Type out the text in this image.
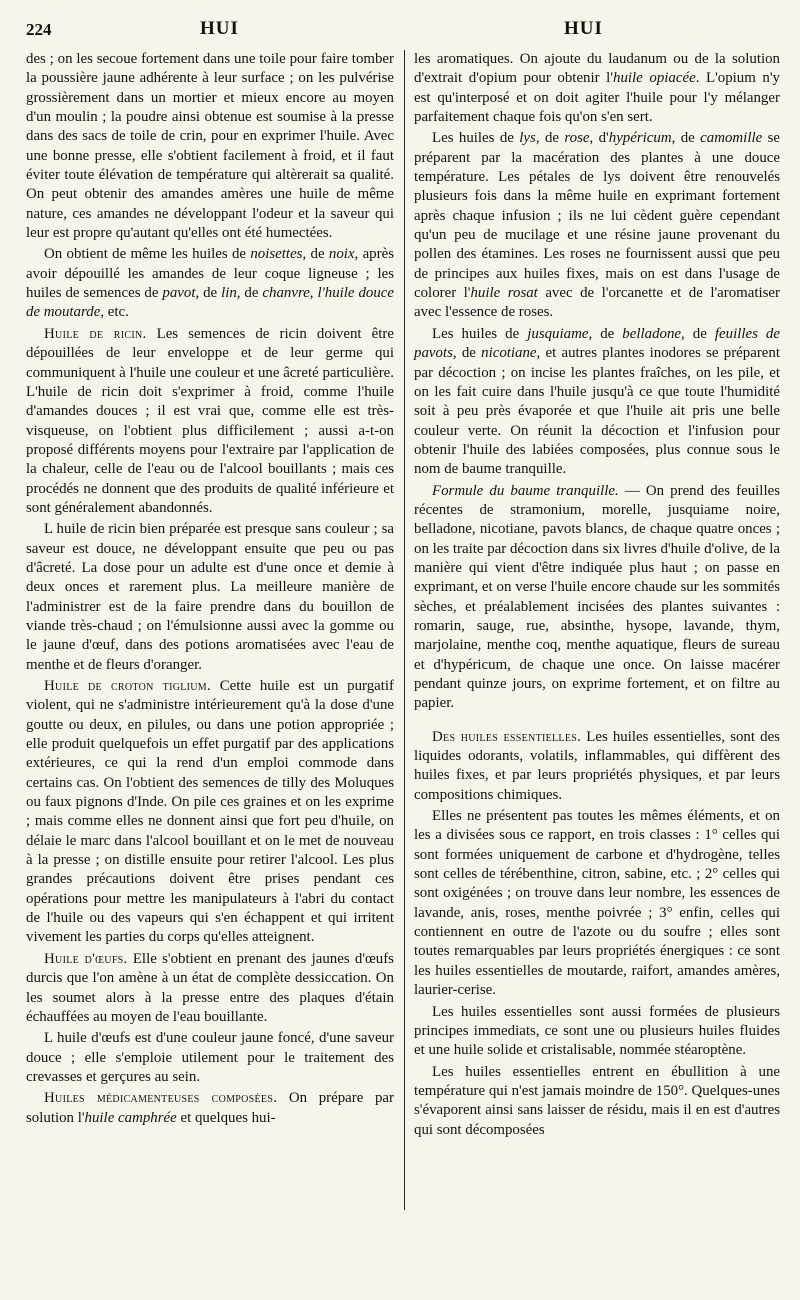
224	HUI	HUI

des ; on les secoue fortement dans une toile pour faire tomber la poussière jaune adhérente à leur surface ; on les pulvérise grossièrement dans un mortier et mieux encore au moyen d'un moulin ; la poudre ainsi obtenue est soumise à la presse dans des sacs de toile de crin, pour en exprimer l'huile. Avec une bonne presse, elle s'obtient facilement à froid, et il faut éviter toute élévation de température qui altèrerait sa qualité. On peut obtenir des amandes amères une huile de même nature, ces amandes ne développant l'odeur et la saveur qui leur est propre qu'autant qu'elles ont été humectées.

On obtient de même les huiles de noisettes, de noix, après avoir dépouillé les amandes de leur coque ligneuse ; les huiles de semences de pavot, de lin, de chanvre, l'huile douce de moutarde, etc.

Huile de ricin. Les semences de ricin doivent être dépouillées de leur enveloppe et de leur germe qui communiquent à l'huile une couleur et une âcreté particulière. L'huile de ricin doit s'exprimer à froid, comme l'huile d'amandes douces ; il est vrai que, comme elle est très-visqueuse, on l'obtient plus difficilement ; aussi a-t-on proposé différents moyens pour l'extraire par l'application de la chaleur, celle de l'eau ou de l'alcool bouillants ; mais ces procédés ne donnent que des produits de qualité inférieure et sont généralement abandonnés.

L huile de ricin bien préparée est presque sans couleur ; sa saveur est douce, ne développant ensuite que peu ou pas d'âcreté. La dose pour un adulte est d'une once et demie à deux onces et rarement plus. La meilleure manière de l'administrer est de la faire prendre dans du bouillon de viande très-chaud ; on l'émulsionne aussi avec la gomme ou le jaune d'œuf, dans des potions aromatisées avec l'eau de menthe et de fleurs d'oranger.

Huile de croton tiglium. Cette huile est un purgatif violent, qui ne s'administre intérieurement qu'à la dose d'une goutte ou deux, en pilules, ou dans une potion appropriée ; elle produit quelquefois un effet purgatif par des applications extérieures, ce qui la rend d'un emploi commode dans certains cas. On l'obtient des semences de tilly des Moluques ou faux pignons d'Inde. On pile ces graines et on les exprime ; mais comme elles ne donnent ainsi que fort peu d'huile, on délaie le marc dans l'alcool bouillant et on le met de nouveau à la presse ; on distille ensuite pour retirer l'alcool. Les plus grandes précautions doivent être prises pendant ces opérations pour mettre les manipulateurs à l'abri du contact de l'huile ou des vapeurs qui s'en échappent et qui irritent vivement les parties du corps qu'elles atteignent.

Huile d'œufs. Elle s'obtient en prenant des jaunes d'œufs durcis que l'on amène à un état de complète dessiccation. On les soumet alors à la presse entre des plaques d'étain échauffées au moyen de l'eau bouillante.

L huile d'œufs est d'une couleur jaune foncé, d'une saveur douce ; elle s'emploie utilement pour le traitement des crevasses et gerçures au sein.

Huiles médicamenteuses composées. On prépare par solution l'huile camphrée et quelques hui-

les aromatiques. On ajoute du laudanum ou de la solution d'extrait d'opium pour obtenir l'huile opiacée. L'opium n'y est qu'interposé et on doit agiter l'huile pour l'y mélanger parfaitement chaque fois qu'on s'en sert.

Les huiles de lys, de rose, d'hypéricum, de camomille se préparent par la macération des plantes à une douce température. Les pétales de lys doivent être renouvelés plusieurs fois dans la même huile en exprimant fortement après chaque infusion ; ils ne lui cèdent guère cependant qu'un peu de mucilage et une résine jaune provenant du pollen des étamines. Les roses ne fournissent aussi que peu de principes aux huiles fixes, mais on est dans l'usage de colorer l'huile rosat avec de l'orcanette et de l'aromatiser avec l'essence de roses.

Les huiles de jusquiame, de belladone, de feuilles de pavots, de nicotiane, et autres plantes inodores se préparent par décoction ; on incise les plantes fraîches, on les pile, et on les fait cuire dans l'huile jusqu'à ce que toute l'humidité soit à peu près évaporée et que l'huile ait pris une belle couleur verte. On réunit la décoction et l'infusion pour obtenir l'huile des labiées composées, plus connue sous le nom de baume tranquille.

Formule du baume tranquille. — On prend des feuilles récentes de stramonium, morelle, jusquiame noire, belladone, nicotiane, pavots blancs, de chaque quatre onces ; on les traite par décoction dans six livres d'huile d'olive, de la manière qui vient d'être indiquée plus haut ; on passe en exprimant, et on verse l'huile encore chaude sur les sommités sèches, et préalablement incisées des plantes suivantes : romarin, sauge, rue, absinthe, hysope, lavande, thym, marjolaine, menthe coq, menthe aquatique, fleurs de sureau et d'hypéricum, de chaque une once. On laisse macérer pendant quinze jours, on exprime fortement, et on filtre au papier.

Des huiles essentielles. Les huiles essentielles, sont des liquides odorants, volatils, inflammables, qui diffèrent des huiles fixes, et par leurs propriétés physiques, et par leurs compositions chimiques.

Elles ne présentent pas toutes les mêmes éléments, et on les a divisées sous ce rapport, en trois classes : 1° celles qui sont formées uniquement de carbone et d'hydrogène, telles sont celles de térébenthine, citron, sabine, etc. ; 2° celles qui sont oxigénées ; on trouve dans leur nombre, les essences de lavande, anis, roses, menthe poivrée ; 3° enfin, celles qui contiennent en outre de l'azote ou du soufre ; elles sont toutes remarquables par leurs propriétés énergiques : ce sont les huiles essentielles de moutarde, raifort, amandes amères, laurier-cerise.

Les huiles essentielles sont aussi formées de plusieurs principes immediats, ce sont une ou plusieurs huiles fluides et une huile solide et cristalisable, nommée stéaroptène.

Les huiles essentielles entrent en ébullition à une température qui n'est jamais moindre de 150°. Quelques-unes s'évaporent ainsi sans laisser de résidu, mais il en est d'autres qui sont décomposées
